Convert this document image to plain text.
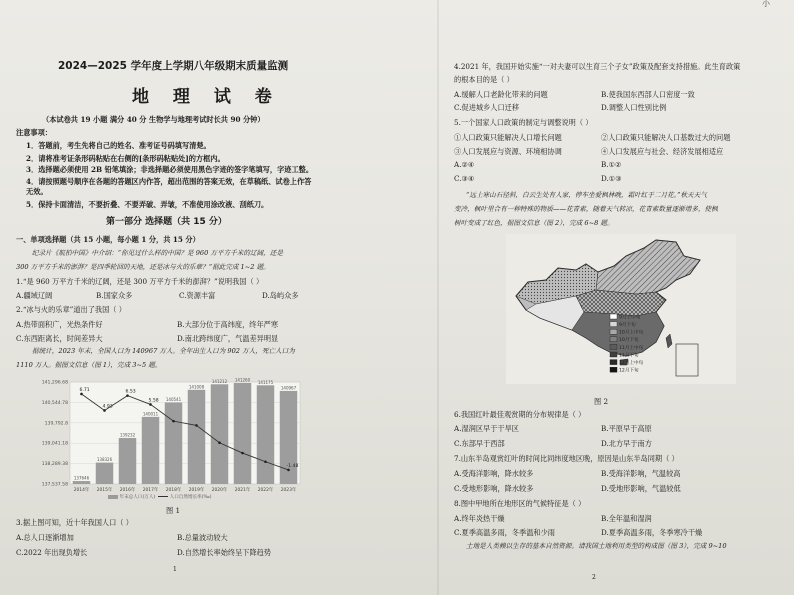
小
2024—2025 学年度上学期八年级期末质量监测
地 理 试 卷
（本试卷共 19 小题 满分 40 分 生物学与地理考试时长共 90 分钟）
注意事项：
1．答题前，考生先将自己的姓名、准考证号码填写清楚。
2．请将准考证条形码粘贴在右侧的[条形码粘贴处]的方框内。
3．选择题必须使用 2B 铅笔填涂；非选择题必须使用黑色字迹的签字笔填写，字迹工整。
4．请按照题号顺序在各题的答题区内作答，超出范围的答案无效，在草稿纸、试卷上作答
无效。
5．保持卡面清洁，不要折叠、不要弄破、弄皱，不准使用涂改液、刮纸刀。
第一部分 选择题（共 15 分）
一、单项选择题（共 15 小题，每小题 1 分，共 15 分）
纪录片《航拍中国》中介绍：“你见过什么样的中国？是 960 万平方千米的辽阔，还是
300 万平方千米的澎湃？是四季轮回的天地，还是冰与火的乐章？”据此完成 1~2 题。
1.“是 960 万平方千米的辽阔，还是 300 万平方千米的澎湃？”说明我国（ ）
A.疆域辽阔	B.国家众多	C.资源丰富	D.岛屿众多
2.“冰与火的乐章”道出了我国（ ）
A.热带面积广，光热条件好	B.大部分位于高纬度，终年严寒
C.东西距离长，时间差异大	D.南北跨纬度广，气温差异明显
据统计，2023 年末，全国人口为 140967 万人。全年出生人口为 902 万人，死亡人口为
1110 万人。据图文信息（图 1），完成 3~5 题。
141,296.68
140,544.78
139,792.8
139,041.18
138,289.38
137,537.58
137646
138326
139232
140011
140541
141008
141212 141260 141175
140967
6.71
4.93
6.53
5.58
-1.48
2014年 2015年 2016年 2017年 2018年 2019年 2020年 2021年 2022年 2023年
年末总人口(万人)	人口自然增长率(‰)
图 1
3.据上图可知，近十年我国人口（ ）
A.总人口逐渐增加	B.总量波动较大
C.2022 年出现负增长	D.自然增长率始终呈下降趋势
1
4.2021 年，我国开始实施“一对夫妻可以生育三个子女”政策及配套支持措施。此生育政策
的根本目的是（ ）
A.缓解人口老龄化带来的问题	B.使我国东西部人口密度一致
C.促进城乡人口迁移	D.调整人口性别比例
5.一个国家人口政策的制定与调整说明（ ）
①人口政策只能解决人口增长问题	②人口政策只能解决人口基数过大的问题
③人口发展应与资源、环境相协调	④人口发展应与社会、经济发展相适应
A.②④	B.①②
C.③④	D.①③
“远上寒山石径斜，白云生处有人家，停车坐爱枫林晚，霜叶红于二月花。”秋天天气
变冷，枫叶里合有一种特殊的物质——花青素，随着天气转凉，花青素数量逐渐增多，使枫
树叶变成了红色，据图文信息（图 2），完成 6~8 题。
9月上中旬
9月下旬
10月上中旬
10月下旬
11月上中旬
11月下旬
12月上中旬
12月下旬
图 2
6.我国红叶最佳观赏期的分布规律是（ ）
A.湿润区早于干旱区	B.平原早于高原
C.东部早于西部	D.北方早于南方
7.山东半岛观赏红叶的时间比同纬度地区晚，原因是山东半岛同期（ ）
A.受海洋影响，降水较多	B.受海洋影响，气温较高
C.受地形影响，降水较多	D.受地形影响，气温较低
8.图中甲地所在地形区的气候特征是（ ）
A.终年炎热干燥	B.全年温和湿润
C.夏季高温多雨，冬季温和少雨	D.夏季高温多雨，冬季寒冷干燥
土地是人类赖以生存的基本自然资源。请我国土地利用类型的构成图（图 3），完成 9~10
2
